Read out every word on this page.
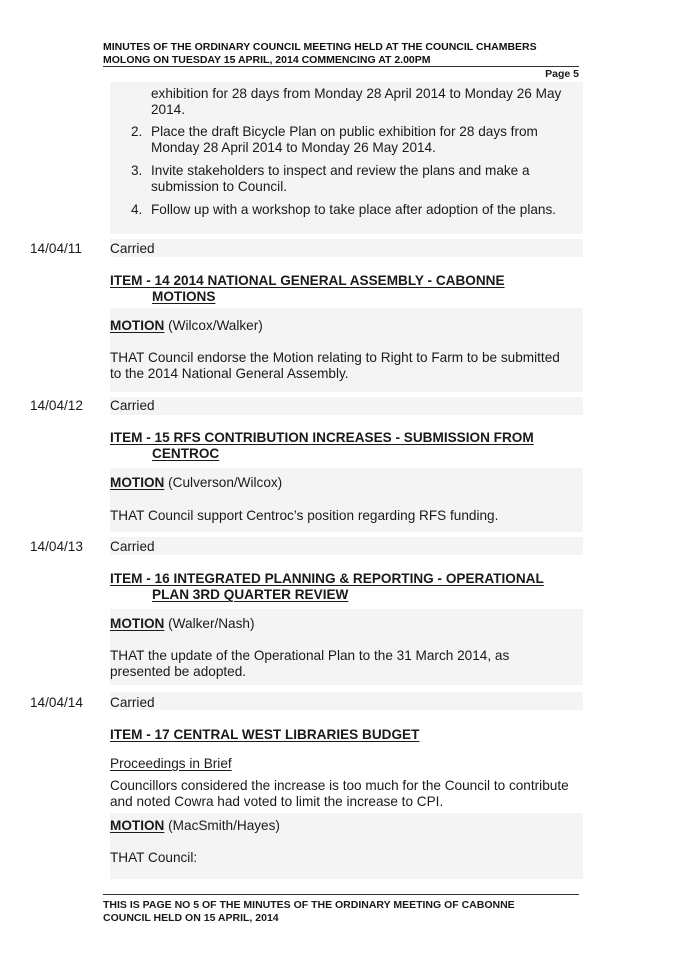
MINUTES OF THE ORDINARY COUNCIL MEETING HELD AT THE COUNCIL CHAMBERS
MOLONG ON TUESDAY 15 APRIL, 2014 COMMENCING AT 2.00PM
Page 5
exhibition for 28 days from Monday 28 April 2014 to Monday 26 May
2014.
2. Place the draft Bicycle Plan on public exhibition for 28 days from
Monday 28 April 2014 to Monday 26 May 2014.
3. Invite stakeholders to inspect and review the plans and make a
submission to Council.
4. Follow up with a workshop to take place after adoption of the plans.
14/04/11 Carried
ITEM - 14 2014 NATIONAL GENERAL ASSEMBLY - CABONNE
MOTIONS
MOTION (Wilcox/Walker)
THAT Council endorse the Motion relating to Right to Farm to be submitted
to the 2014 National General Assembly.
14/04/12 Carried
ITEM - 15 RFS CONTRIBUTION INCREASES - SUBMISSION FROM
CENTROC
MOTION (Culverson/Wilcox)
THAT Council support Centroc’s position regarding RFS funding.
14/04/13 Carried
ITEM - 16 INTEGRATED PLANNING & REPORTING - OPERATIONAL
PLAN 3RD QUARTER REVIEW
MOTION (Walker/Nash)
THAT the update of the Operational Plan to the 31 March 2014, as
presented be adopted.
14/04/14 Carried
ITEM - 17 CENTRAL WEST LIBRARIES BUDGET
Proceedings in Brief
Councillors considered the increase is too much for the Council to contribute
and noted Cowra had voted to limit the increase to CPI.
MOTION (MacSmith/Hayes)
THAT Council:
THIS IS PAGE NO 5 OF THE MINUTES OF THE ORDINARY MEETING OF CABONNE
COUNCIL HELD ON 15 APRIL, 2014
